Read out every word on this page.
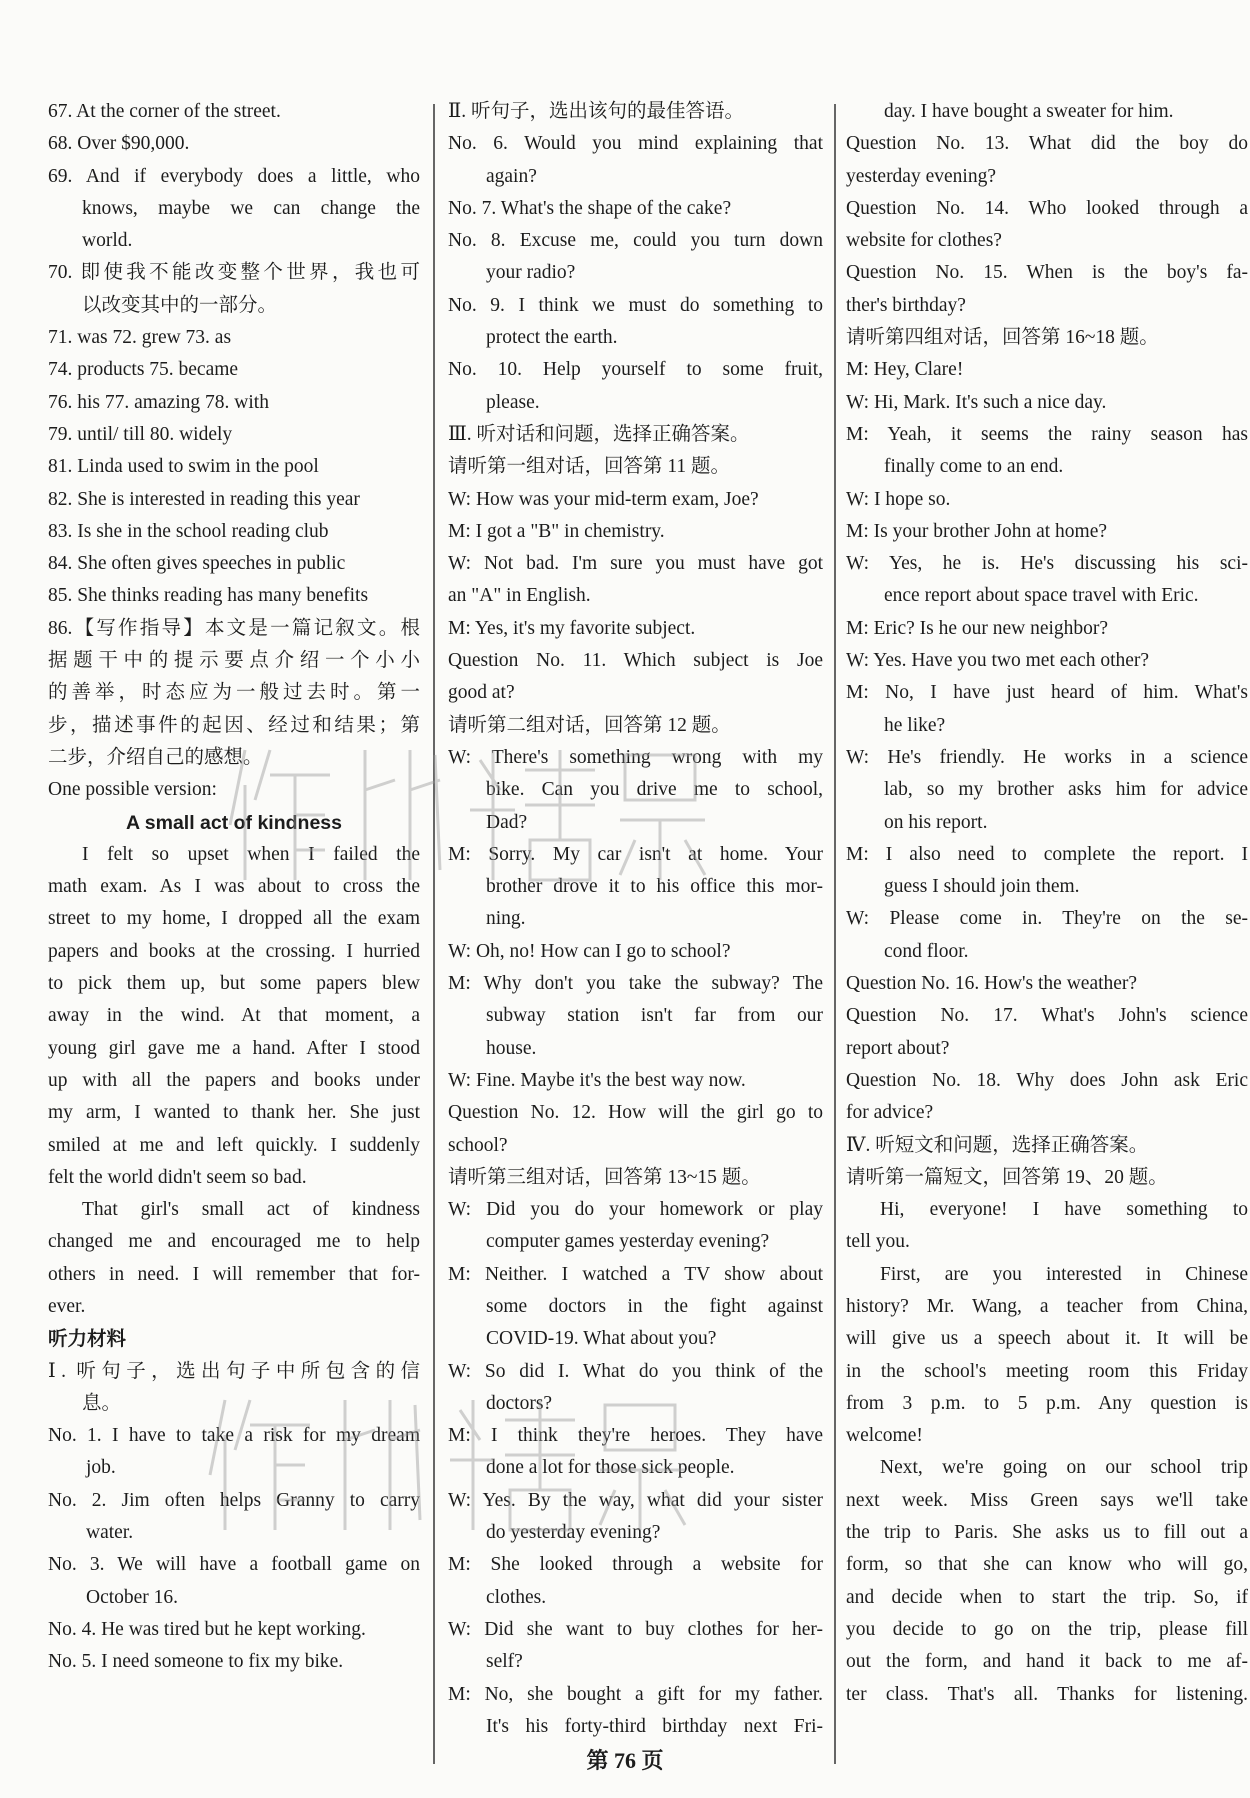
67. At the corner of the street.
68. Over $90,000.
69. And if everybody does a little, who
knows, maybe we can change the
world.
70. 即使我不能改变整个世界，我也可
以改变其中的一部分。
71. was 72. grew 73. as
74. products 75. became
76. his 77. amazing 78. with
79. until/ till 80. widely
81. Linda used to swim in the pool
82. She is interested in reading this year
83. Is she in the school reading club
84. She often gives speeches in public
85. She thinks reading has many benefits
86.【写作指导】本文是一篇记叙文。根
据题干中的提示要点介绍一个小小
的善举，时态应为一般过去时。第一
步，描述事件的起因、经过和结果；第
二步，介绍自己的感想。
One possible version:
A small act of kindness
I felt so upset when I failed the
math exam. As I was about to cross the
street to my home, I dropped all the exam
papers and books at the crossing. I hurried
to pick them up, but some papers blew
away in the wind. At that moment, a
young girl gave me a hand. After I stood
up with all the papers and books under
my arm, I wanted to thank her. She just
smiled at me and left quickly. I suddenly
felt the world didn't seem so bad.
That girl's small act of kindness
changed me and encouraged me to help
others in need. I will remember that for-
ever.
听力材料
Ⅰ. 听句子，选出句子中所包含的信
息。
No. 1. I have to take a risk for my dream
job.
No. 2. Jim often helps Granny to carry
water.
No. 3. We will have a football game on
October 16.
No. 4. He was tired but he kept working.
No. 5. I need someone to fix my bike.
Ⅱ. 听句子，选出该句的最佳答语。
No. 6. Would you mind explaining that
again?
No. 7. What's the shape of the cake?
No. 8. Excuse me, could you turn down
your radio?
No. 9. I think we must do something to
protect the earth.
No. 10. Help yourself to some fruit,
please.
Ⅲ. 听对话和问题，选择正确答案。
请听第一组对话，回答第 11 题。
W: How was your mid-term exam, Joe?
M: I got a "B" in chemistry.
W: Not bad. I'm sure you must have got
an "A" in English.
M: Yes, it's my favorite subject.
Question No. 11. Which subject is Joe
good at?
请听第二组对话，回答第 12 题。
W: There's something wrong with my
bike. Can you drive me to school,
Dad?
M: Sorry. My car isn't at home. Your
brother drove it to his office this mor-
ning.
W: Oh, no! How can I go to school?
M: Why don't you take the subway? The
subway station isn't far from our
house.
W: Fine. Maybe it's the best way now.
Question No. 12. How will the girl go to
school?
请听第三组对话，回答第 13~15 题。
W: Did you do your homework or play
computer games yesterday evening?
M: Neither. I watched a TV show about
some doctors in the fight against
COVID-19. What about you?
W: So did I. What do you think of the
doctors?
M: I think they're heroes. They have
done a lot for those sick people.
W: Yes. By the way, what did your sister
do yesterday evening?
M: She looked through a website for
clothes.
W: Did she want to buy clothes for her-
self?
M: No, she bought a gift for my father.
It's his forty-third birthday next Fri-
day. I have bought a sweater for him.
Question No. 13. What did the boy do
yesterday evening?
Question No. 14. Who looked through a
website for clothes?
Question No. 15. When is the boy's fa-
ther's birthday?
请听第四组对话，回答第 16~18 题。
M: Hey, Clare!
W: Hi, Mark. It's such a nice day.
M: Yeah, it seems the rainy season has
finally come to an end.
W: I hope so.
M: Is your brother John at home?
W: Yes, he is. He's discussing his sci-
ence report about space travel with Eric.
M: Eric? Is he our new neighbor?
W: Yes. Have you two met each other?
M: No, I have just heard of him. What's
he like?
W: He's friendly. He works in a science
lab, so my brother asks him for advice
on his report.
M: I also need to complete the report. I
guess I should join them.
W: Please come in. They're on the se-
cond floor.
Question No. 16. How's the weather?
Question No. 17. What's John's science
report about?
Question No. 18. Why does John ask Eric
for advice?
Ⅳ. 听短文和问题，选择正确答案。
请听第一篇短文，回答第 19、20 题。
Hi, everyone! I have something to
tell you.
First, are you interested in Chinese
history? Mr. Wang, a teacher from China,
will give us a speech about it. It will be
in the school's meeting room this Friday
from 3 p.m. to 5 p.m. Any question is
welcome!
Next, we're going on our school trip
next week. Miss Green says we'll take
the trip to Paris. She asks us to fill out a
form, so that she can know who will go,
and decide when to start the trip. So, if
you decide to go on the trip, please fill
out the form, and hand it back to me af-
ter class. That's all. Thanks for listening.
第 76 页
